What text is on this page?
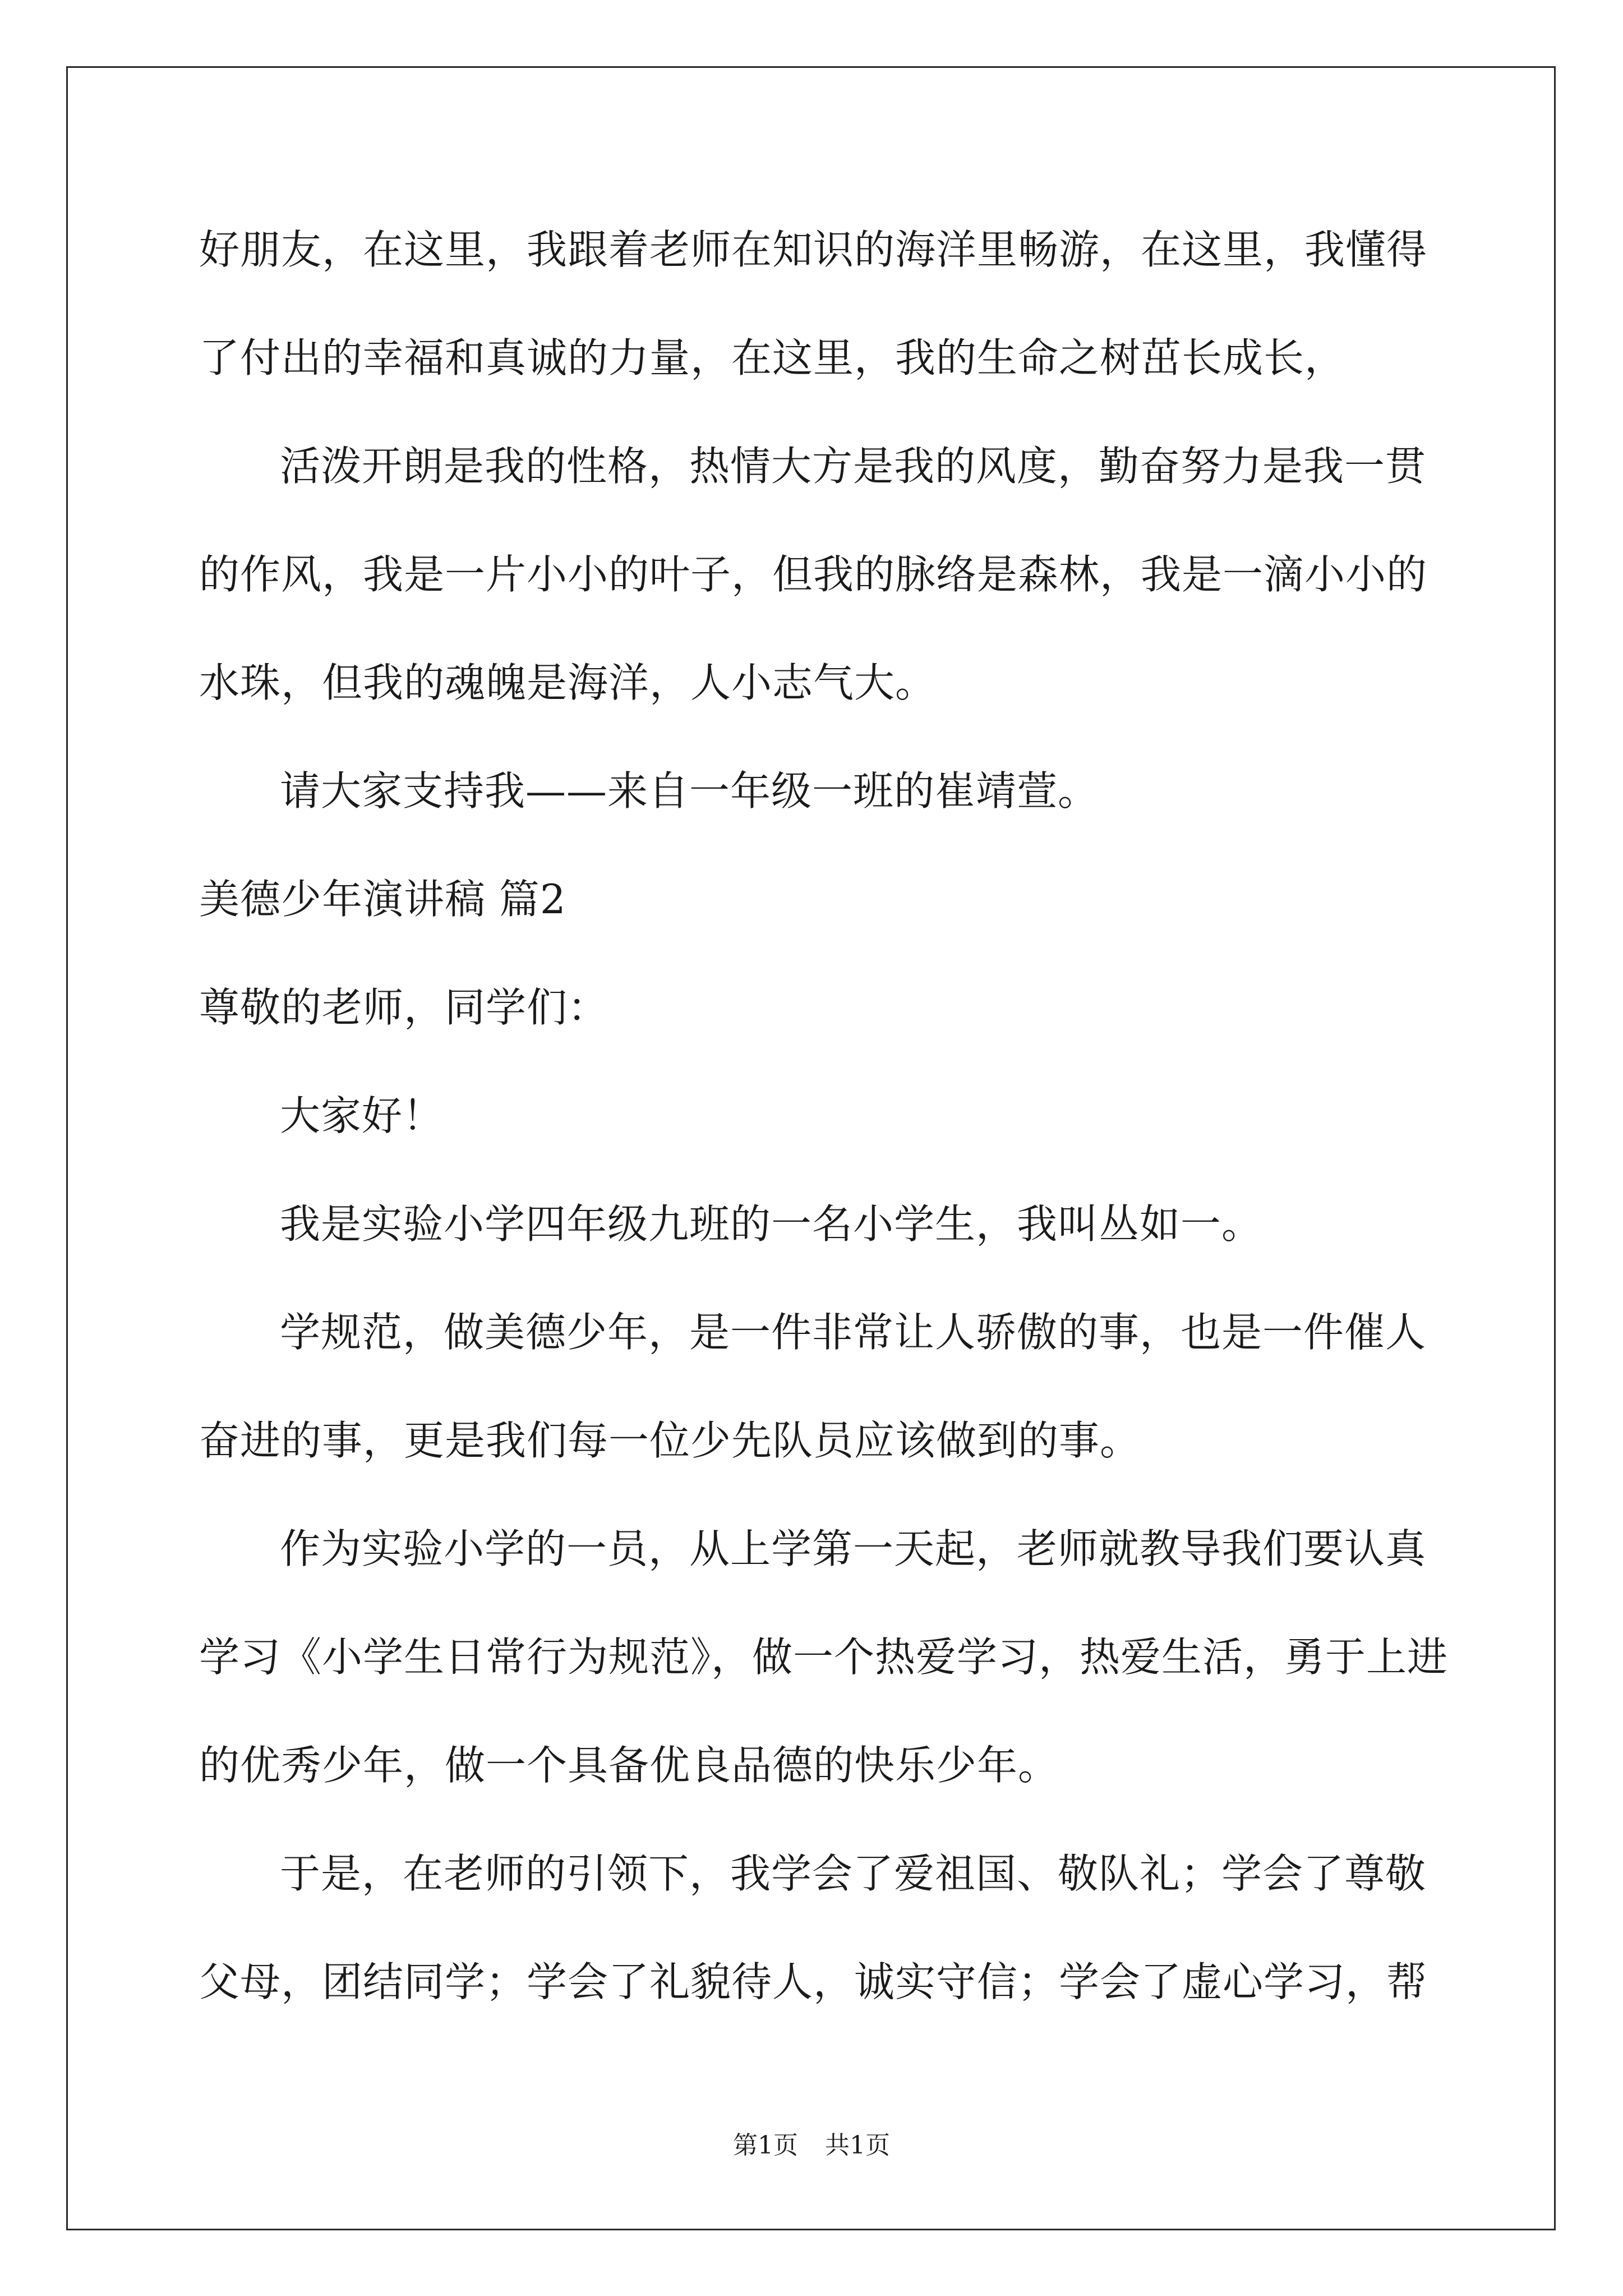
好朋友，在这里，我跟着老师在知识的海洋里畅游，在这里，我懂得
了付出的幸福和真诚的力量，在这里，我的生命之树茁长成长，
活泼开朗是我的性格，热情大方是我的风度，勤奋努力是我一贯
的作风，我是一片小小的叶子，但我的脉络是森林，我是一滴小小的
水珠，但我的魂魄是海洋，人小志气大。
请大家支持我——来自一年级一班的崔靖萱。
美德少年演讲稿 篇2
尊敬的老师，同学们：
大家好！
我是实验小学四年级九班的一名小学生，我叫丛如一。
学规范，做美德少年，是一件非常让人骄傲的事，也是一件催人
奋进的事，更是我们每一位少先队员应该做到的事。
作为实验小学的一员，从上学第一天起，老师就教导我们要认真
学习《小学生日常行为规范》，做一个热爱学习，热爱生活，勇于上进
的优秀少年，做一个具备优良品德的快乐少年。
于是，在老师的引领下，我学会了爱祖国、敬队礼；学会了尊敬
父母，团结同学；学会了礼貌待人，诚实守信；学会了虚心学习，帮
第1页 共1页
